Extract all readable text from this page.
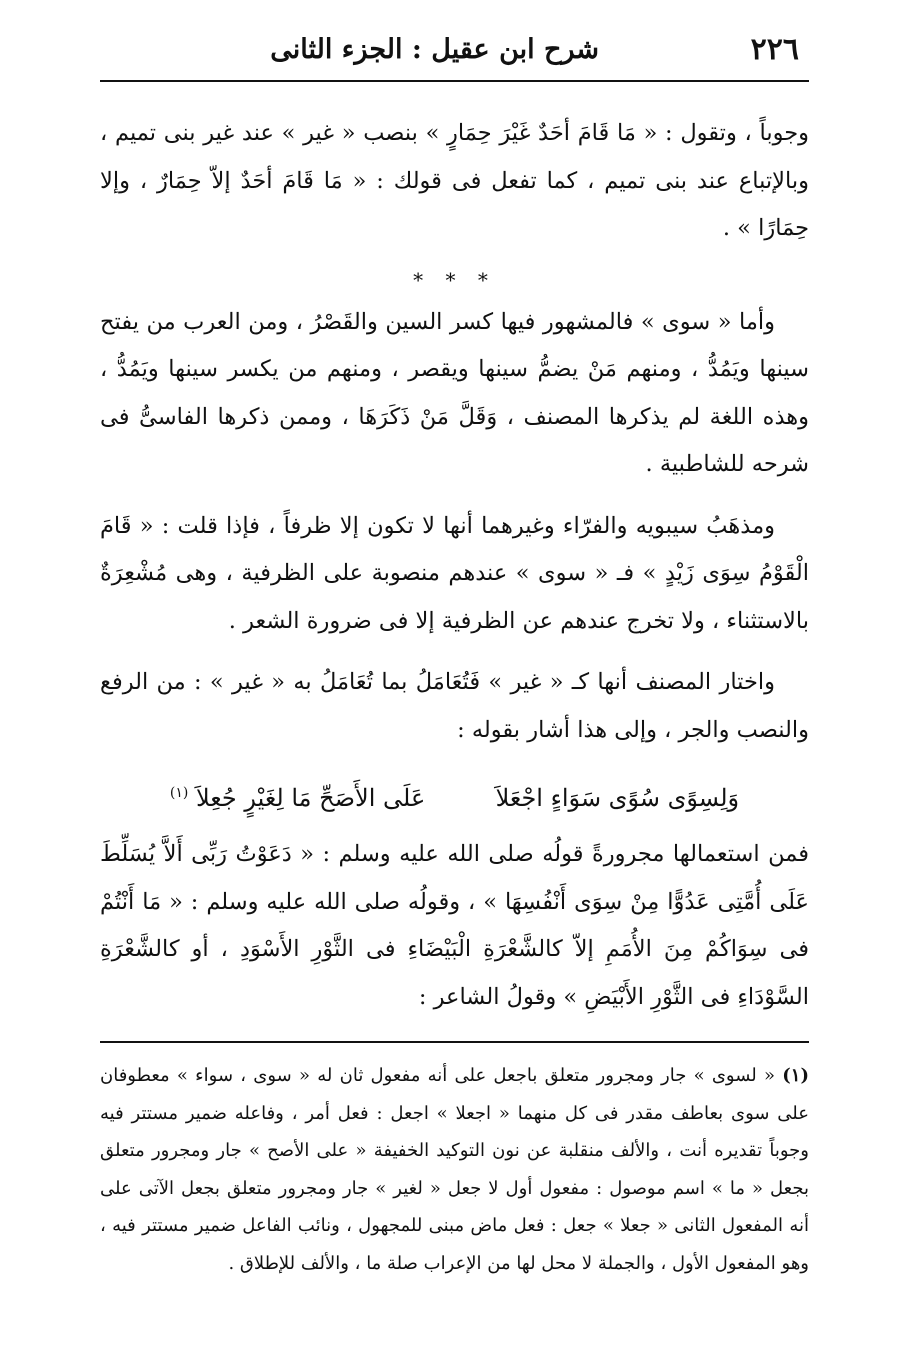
٢٢٦
شرح ابن عقيل : الجزء الثانى

وجوباً ، وتقول : « مَا قَامَ أحَدٌ غَيْرَ حِمَارٍ » بنصب « غير » عند غير بنى تميم ، وبالإتباع عند بنى تميم ، كما تفعل فى قولك : « مَا قَامَ أحَدٌ إلاّ حِمَارٌ ، وإلا حِمَارًا » .

* * *

وأما « سوى » فالمشهور فيها كسر السين والقَصْرُ ، ومن العرب من يفتح سينها ويَمُدُّ ، ومنهم مَنْ يضمُّ سينها ويقصر ، ومنهم من يكسر سينها ويَمُدُّ ، وهذه اللغة لم يذكرها المصنف ، وَقَلَّ مَنْ ذَكَرَهَا ، وممن ذكرها الفاسىُّ فى شرحه للشاطبية .

ومذهَبُ سيبويه والفرّاء وغيرهما أنها لا تكون إلا ظرفاً ، فإذا قلت : « قَامَ الْقَوْمُ سِوَى زَيْدٍ » فـ « سوى » عندهم منصوبة على الظرفية ، وهى مُشْعِرَةٌ بالاستثناء ، ولا تخرج عندهم عن الظرفية إلا فى ضرورة الشعر .

واختار المصنف أنها كـ « غير » فَتُعَامَلُ بما تُعَامَلُ به « غير » : من الرفع والنصب والجر ، وإلى هذا أشار بقوله :

وَلِسِوًى سُوًى سَوَاءٍ اجْعَلاَ  عَلَى الأَصَحِّ مَا لِغَيْرٍ جُعِلاَ $^{(١)}$

فمن استعمالها مجرورةً قولُه صلى الله عليه وسلم : « دَعَوْتُ رَبِّى أَلاَّ يُسَلِّطَ عَلَى أُمَّتِى عَدُوًّا مِنْ سِوَى أَنْفُسِهَا » ، وقولُه صلى الله عليه وسلم : « مَا أَنْتُمْ فى سِوَاكُمْ مِنَ الأُمَمِ إلاّ كالشَّعْرَةِ الْبَيْضَاءِ فى الثَّوْرِ الأَسْوَدِ ، أو كالشَّعْرَةِ السَّوْدَاءِ فى الثَّوْرِ الأَبْيَضِ » وقولُ الشاعر :

(١) « لسوى » جار ومجرور متعلق باجعل على أنه مفعول ثان له « سوى ، سواء » معطوفان على سوى بعاطف مقدر فى كل منهما « اجعلا » اجعل : فعل أمر ، وفاعله ضمير مستتر فيه وجوباً تقديره أنت ، والألف منقلبة عن نون التوكيد الخفيفة « على الأصح » جار ومجرور متعلق بجعل « ما » اسم موصول : مفعول أول لا جعل « لغير » جار ومجرور متعلق بجعل الآتى على أنه المفعول الثانى « جعلا » جعل : فعل ماض مبنى للمجهول ، ونائب الفاعل ضمير مستتر فيه ، وهو المفعول الأول ، والجملة لا محل لها من الإعراب صلة ما ، والألف للإطلاق .
